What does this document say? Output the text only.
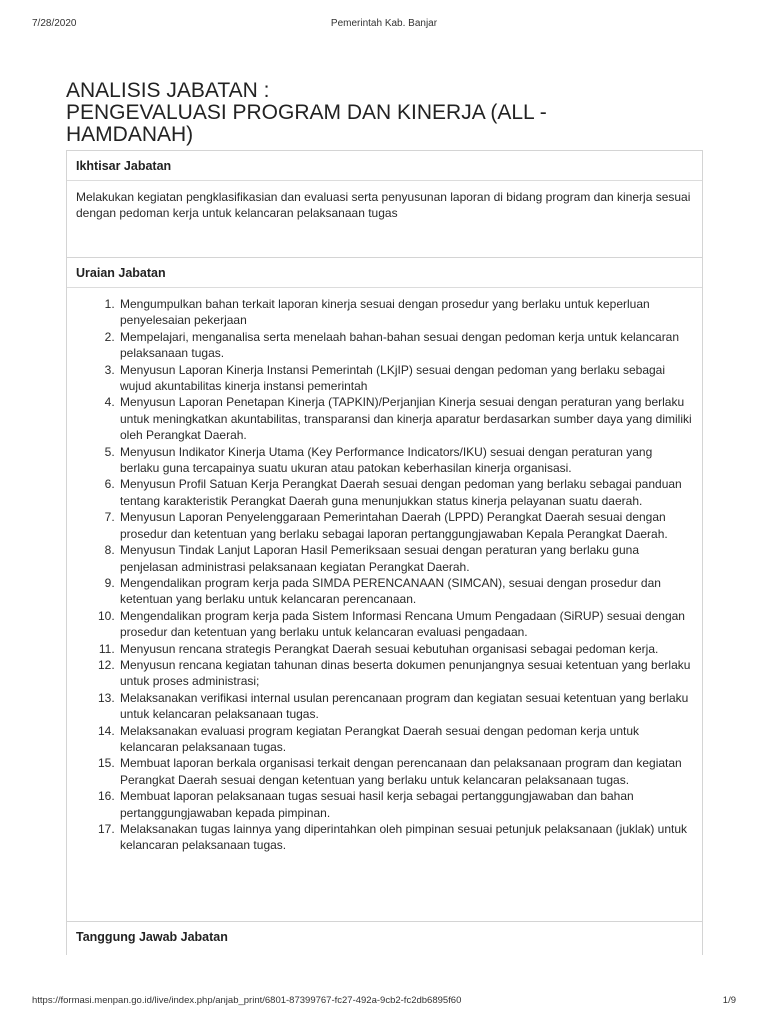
7/28/2020	Pemerintah Kab. Banjar
ANALISIS JABATAN :
PENGEVALUASI PROGRAM DAN KINERJA (ALL -
HAMDANAH)
Ikhtisar Jabatan
Melakukan kegiatan pengklasifikasian dan evaluasi serta penyusunan laporan di bidang program dan kinerja sesuai dengan pedoman kerja untuk kelancaran pelaksanaan tugas
Uraian Jabatan
1. Mengumpulkan bahan terkait laporan kinerja sesuai dengan prosedur yang berlaku untuk keperluan penyelesaian pekerjaan
2. Mempelajari, menganalisa serta menelaah bahan-bahan sesuai dengan pedoman kerja untuk kelancaran pelaksanaan tugas.
3. Menyusun Laporan Kinerja Instansi Pemerintah (LKjIP) sesuai dengan pedoman yang berlaku sebagai wujud akuntabilitas kinerja instansi pemerintah
4. Menyusun Laporan Penetapan Kinerja (TAPKIN)/Perjanjian Kinerja sesuai dengan peraturan yang berlaku untuk meningkatkan akuntabilitas, transparansi dan kinerja aparatur berdasarkan sumber daya yang dimiliki oleh Perangkat Daerah.
5. Menyusun Indikator Kinerja Utama (Key Performance Indicators/IKU) sesuai dengan peraturan yang berlaku guna tercapainya suatu ukuran atau patokan keberhasilan kinerja organisasi.
6. Menyusun Profil Satuan Kerja Perangkat Daerah sesuai dengan pedoman yang berlaku sebagai panduan tentang karakteristik Perangkat Daerah guna menunjukkan status kinerja pelayanan suatu daerah.
7. Menyusun Laporan Penyelenggaraan Pemerintahan Daerah (LPPD) Perangkat Daerah sesuai dengan prosedur dan ketentuan yang berlaku sebagai laporan pertanggungjawaban Kepala Perangkat Daerah.
8. Menyusun Tindak Lanjut Laporan Hasil Pemeriksaan sesuai dengan peraturan yang berlaku guna penjelasan administrasi pelaksanaan kegiatan Perangkat Daerah.
9. Mengendalikan program kerja pada SIMDA PERENCANAAN (SIMCAN), sesuai dengan prosedur dan ketentuan yang berlaku untuk kelancaran perencanaan.
10. Mengendalikan program kerja pada Sistem Informasi Rencana Umum Pengadaan (SiRUP) sesuai dengan prosedur dan ketentuan yang berlaku untuk kelancaran evaluasi pengadaan.
11. Menyusun rencana strategis Perangkat Daerah sesuai kebutuhan organisasi sebagai pedoman kerja.
12. Menyusun rencana kegiatan tahunan dinas beserta dokumen penunjangnya sesuai ketentuan yang berlaku untuk proses administrasi;
13. Melaksanakan verifikasi internal usulan perencanaan program dan kegiatan sesuai ketentuan yang berlaku untuk kelancaran pelaksanaan tugas.
14. Melaksanakan evaluasi program kegiatan Perangkat Daerah sesuai dengan pedoman kerja untuk kelancaran pelaksanaan tugas.
15. Membuat laporan berkala organisasi terkait dengan perencanaan dan pelaksanaan program dan kegiatan Perangkat Daerah sesuai dengan ketentuan yang berlaku untuk kelancaran pelaksanaan tugas.
16. Membuat laporan pelaksanaan tugas sesuai hasil kerja sebagai pertanggungjawaban dan bahan pertanggungjawaban kepada pimpinan.
17. Melaksanakan tugas lainnya yang diperintahkan oleh pimpinan sesuai petunjuk pelaksanaan (juklak) untuk kelancaran pelaksanaan tugas.
Tanggung Jawab Jabatan
https://formasi.menpan.go.id/live/index.php/anjab_print/6801-87399767-fc27-492a-9cb2-fc2db6895f60	1/9
